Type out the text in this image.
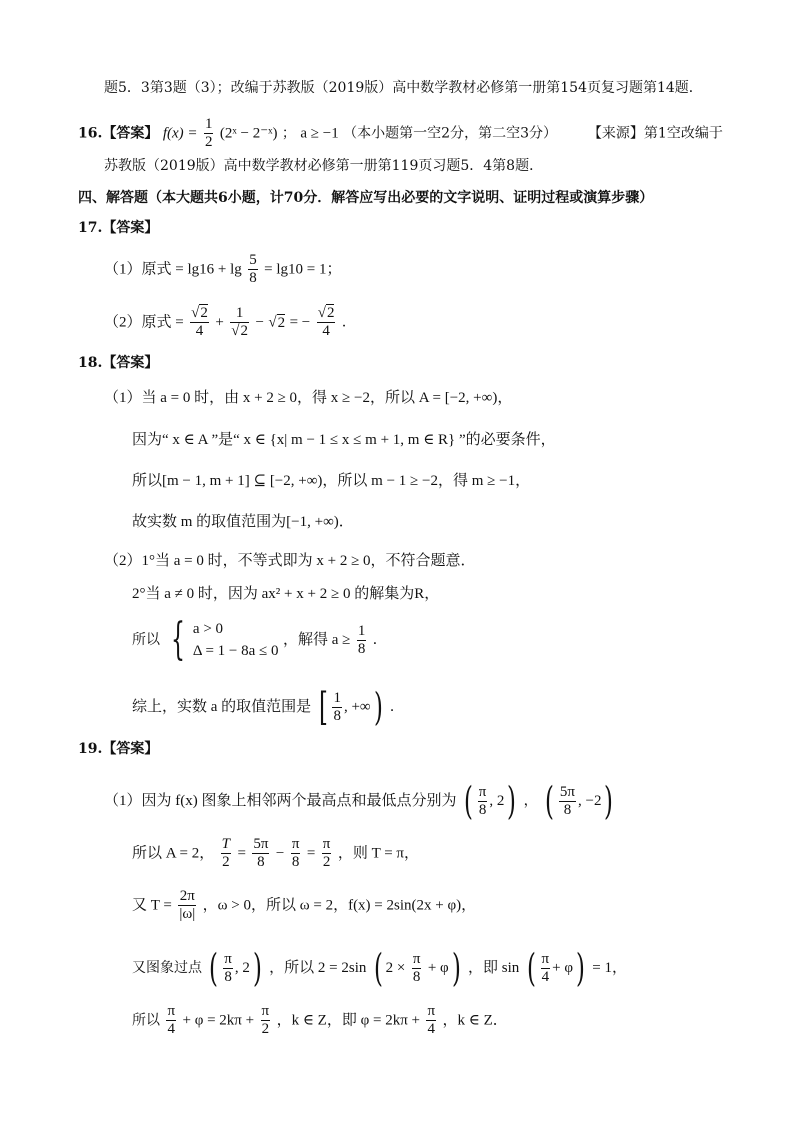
题5．3第3题（3）；改编于苏教版（2019版）高中数学教材必修第一册第154页复习题第14题．
16.【答案】 $f(x) = \frac{1}{2}$ (2ˣ − 2⁻ˣ) ； a ≥ −1 （本小题第一空2分，第二空3分） 【来源】第1空改编于
苏教版（2019版）高中数学教材必修第一册第119页习题5．4第8题．
四、解答题（本大题共6小题，计70分．解答应写出必要的文字说明、证明过程或演算步骤）
17.【答案】
（1）原式 = $\lg 16 + \lg \frac{5}{8} = \lg 10 = 1$；
（2）原式 = $\frac{√2}{4} + \frac{1}{√2} - √2$ = − $\frac{√2}{4}$ ．
18.【答案】
（1）当 a = 0 时，由 x + 2 ≥ 0，得 x ≥ −2，所以 A = [−2, +∞)，
因为“ x ∈ A ”是“ x ∈ {x| m − 1 ≤ x ≤ m + 1, m ∈ R} ”的必要条件，
所以[m − 1, m + 1] ⊆ [−2, +∞)，所以 m − 1 ≥ −2，得 m ≥ −1，
故实数 m 的取值范围为[−1, +∞)．
（2）1°当 a = 0 时，不等式即为 x + 2 ≥ 0，不符合题意．
2°当 a ≠ 0 时，因为 ax² + x + 2 ≥ 0 的解集为R，
所以 { a > 0
Δ = 1 − 8a ≤ 0
，解得 $a \ge \frac{1}{8}$ ．
综上，实数 a 的取值范围是 [ $\frac{1}{8}$ , +∞) ．
19.【答案】
（1）因为 f(x) 图象上相邻两个最高点和最低点分别为 ( $\frac{\pi}{8}$ , 2) ， ( $\frac{5\pi}{8}$ , −2)
所以 A = 2， $\frac{T}{2} = \frac{5\pi}{8} - \frac{\pi}{8} = \frac{\pi}{2}$ ，则 T = π，
又 $T = \frac{2\pi}{|\omega|}$ ，ω > 0，所以 ω = 2，f(x) = 2sin(2x + φ)，
又图象过点 ( $\frac{\pi}{8}$ , 2) ，所以 2 = 2sin ( $2 \times \frac{\pi}{8} + \varphi$) ，即 sin ( $\frac{\pi}{4} + \varphi) = 1$，
所以 $\frac{\pi}{4} + \varphi = 2k\pi + \frac{\pi}{2}$ ，k ∈ Z，即 $\varphi = 2k\pi + \frac{\pi}{4}$ ，k ∈ Z．
